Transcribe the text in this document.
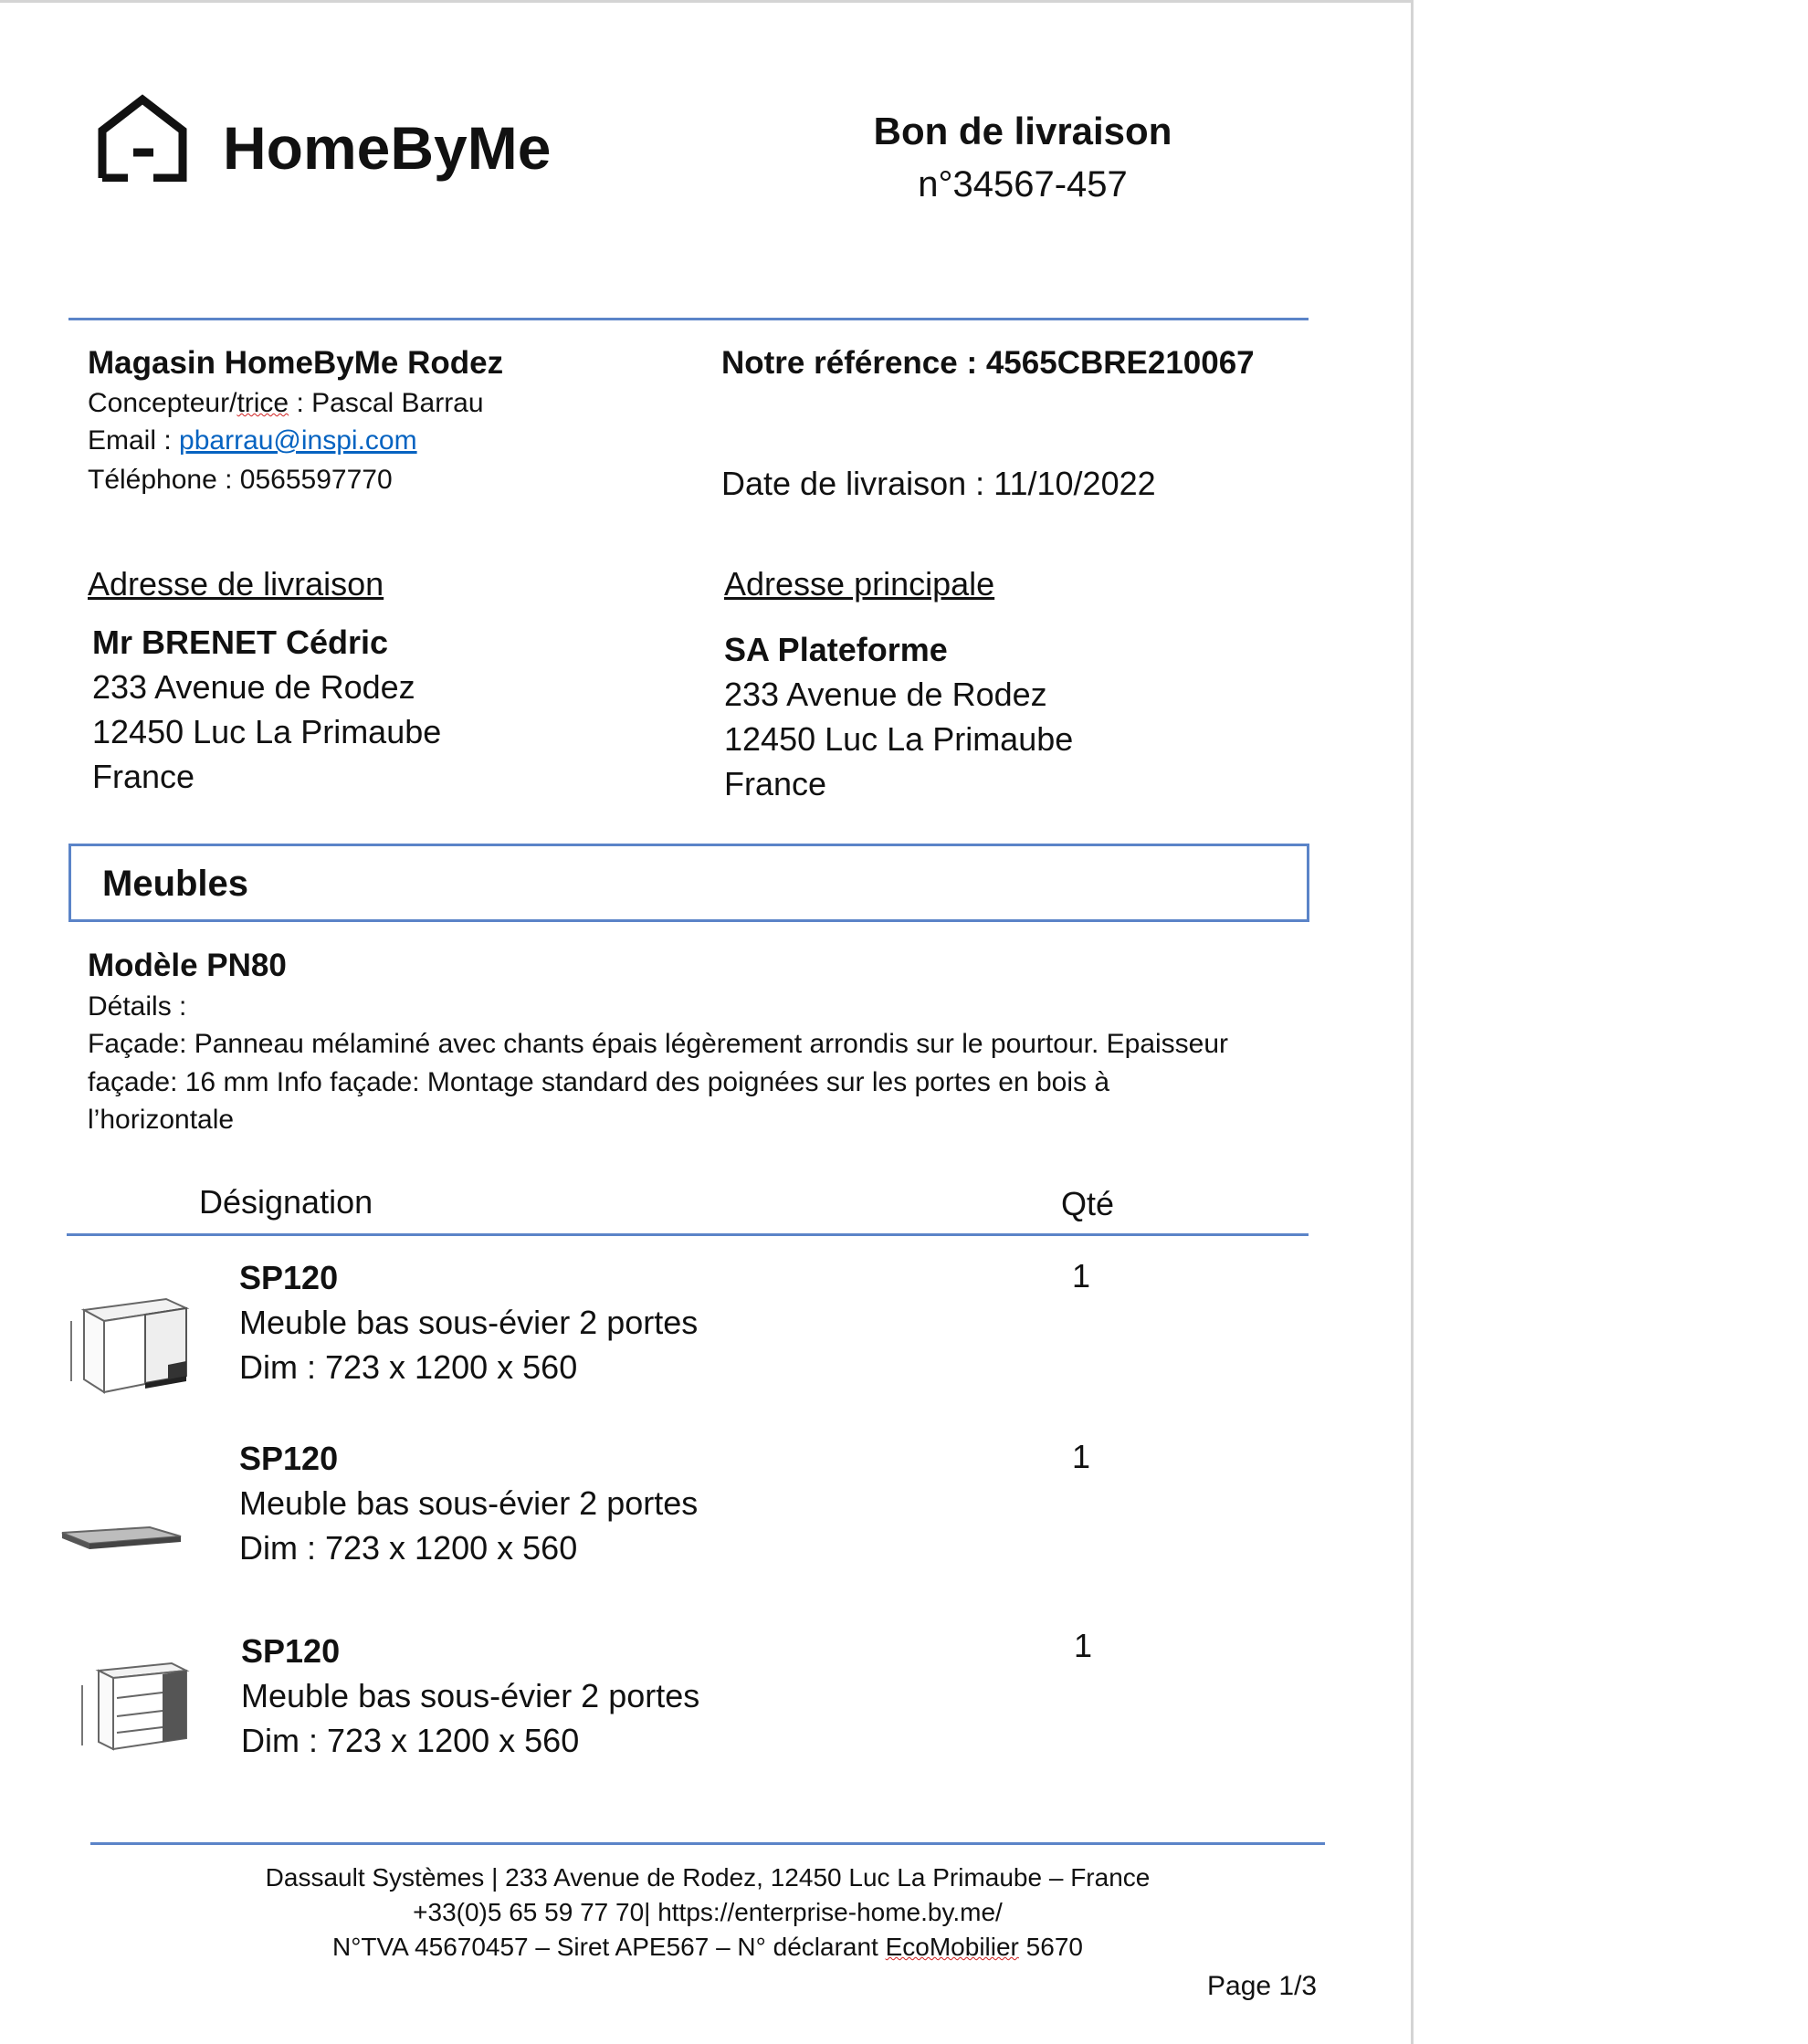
HomeByMe	Bon de livraison
n°34567-457
Magasin HomeByMe Rodez
Concepteur/trice : Pascal Barrau
Email : pbarrau@inspi.com
Téléphone : 0565597770
Notre référence : 4565CBRE210067
Date de livraison : 11/10/2022
Adresse de livraison
Mr BRENET Cédric
233 Avenue de Rodez
12450 Luc La Primaube
France
Adresse principale
SA Plateforme
233 Avenue de Rodez
12450 Luc La Primaube
France
Meubles
Modèle PN80
Détails :
Façade: Panneau mélaminé avec chants épais légèrement arrondis sur le pourtour. Epaisseur
façade: 16 mm Info façade: Montage standard des poignées sur les portes en bois à
l’horizontale
Désignation	Qté
SP120
Meuble bas sous-évier 2 portes
Dim : 723 x 1200 x 560
1
SP120
Meuble bas sous-évier 2 portes
Dim : 723 x 1200 x 560
1
SP120
Meuble bas sous-évier 2 portes
Dim : 723 x 1200 x 560
1
Dassault Systèmes | 233 Avenue de Rodez, 12450 Luc La Primaube – France
+33(0)5 65 59 77 70| https://enterprise-home.by.me/
N°TVA 45670457 – Siret APE567 – N° déclarant EcoMobilier 5670
Page 1/3
